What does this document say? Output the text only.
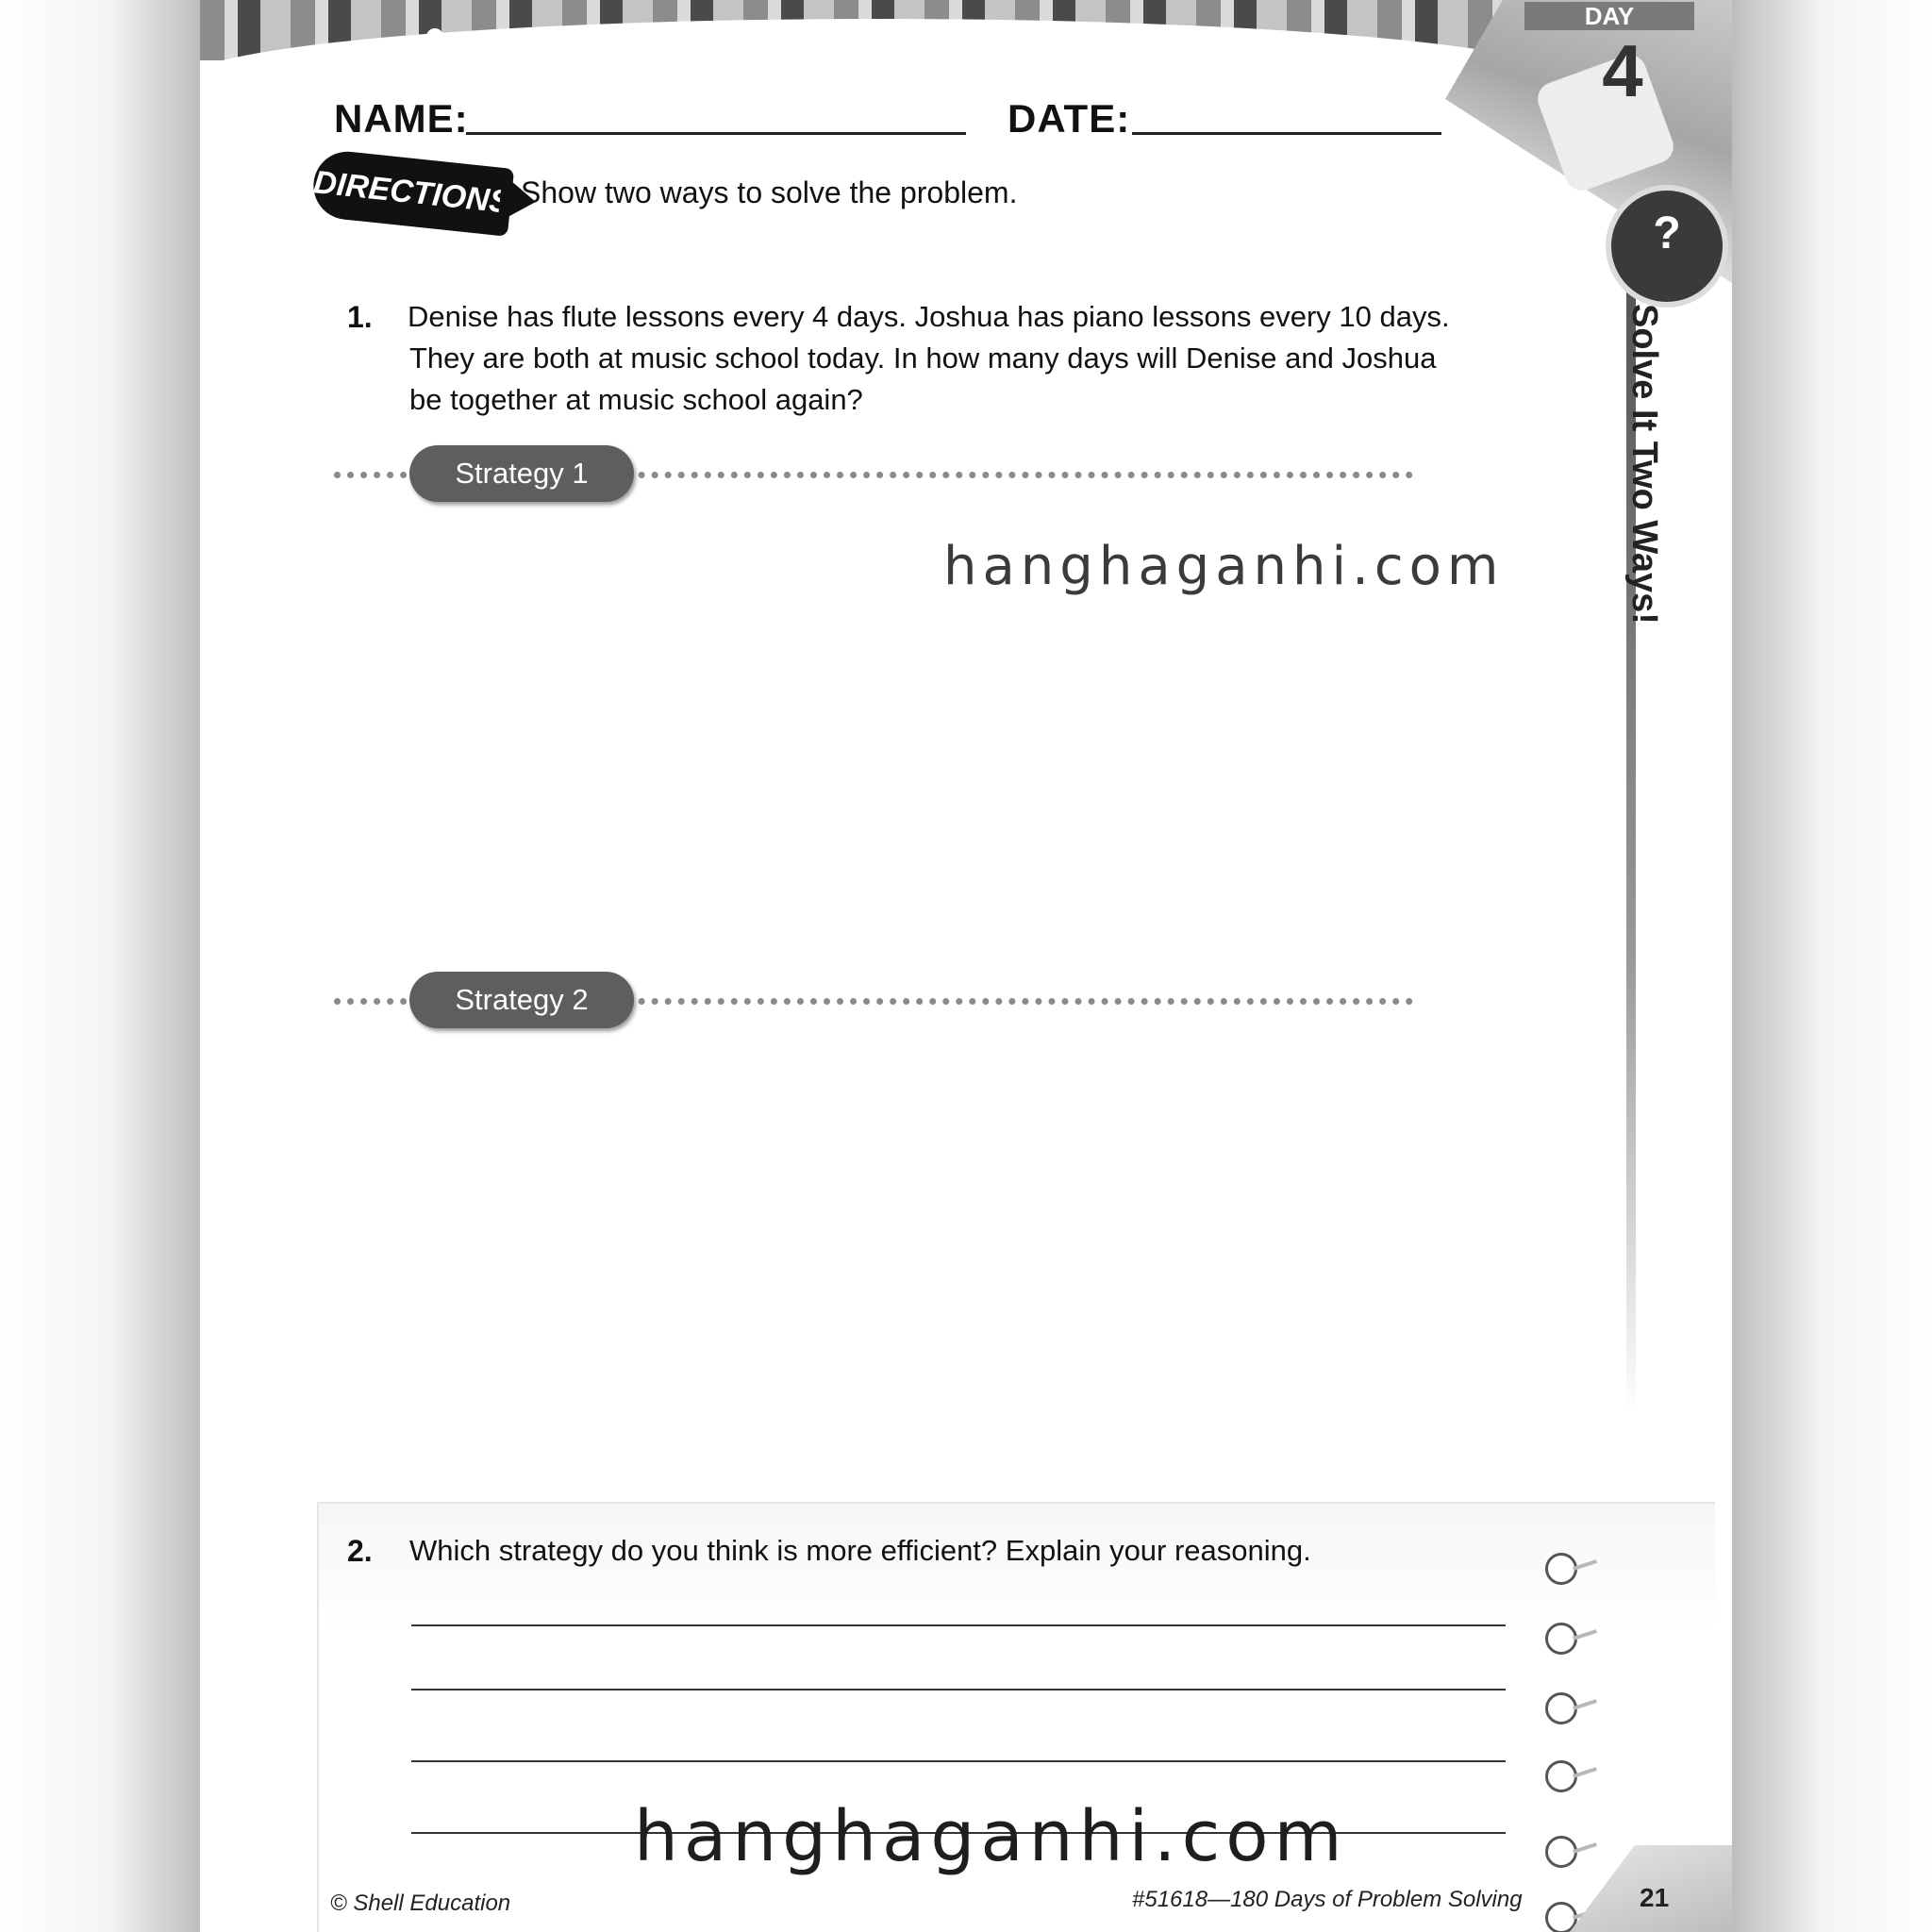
DAY
4
NAME:	DATE:
DIRECTIONS:
Show two ways to solve the problem.
1. Denise has flute lessons every 4 days. Joshua has piano lessons every 10 days.
They are both at music school today. In how many days will Denise and Joshua
be together at music school again?
Strategy 1
hanghaganhi.com
Strategy 2
?
Solve It Two Ways!
2. Which strategy do you think is more efficient? Explain your reasoning.
hanghaganhi.com
© Shell Education	#51618—180 Days of Problem Solving	21
